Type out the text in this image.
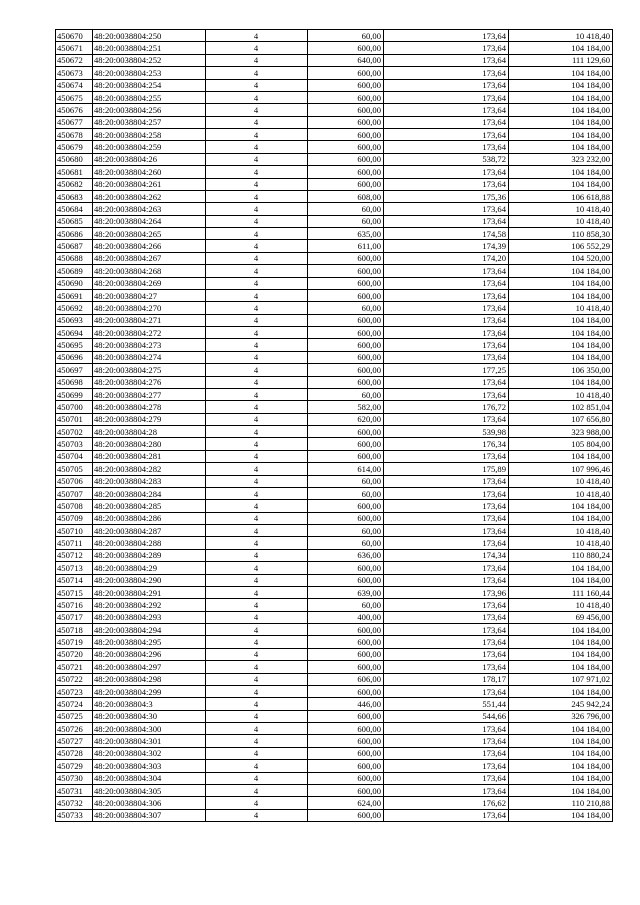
450670	48:20:0038804:250	4	60,00	173,64	10 418,40
450671	48:20:0038804:251	4	600,00	173,64	104 184,00
450672	48:20:0038804:252	4	640,00	173,64	111 129,60
450673	48:20:0038804:253	4	600,00	173,64	104 184,00
450674	48:20:0038804:254	4	600,00	173,64	104 184,00
450675	48:20:0038804:255	4	600,00	173,64	104 184,00
450676	48:20:0038804:256	4	600,00	173,64	104 184,00
450677	48:20:0038804:257	4	600,00	173,64	104 184,00
450678	48:20:0038804:258	4	600,00	173,64	104 184,00
450679	48:20:0038804:259	4	600,00	173,64	104 184,00
450680	48:20:0038804:26	4	600,00	538,72	323 232,00
450681	48:20:0038804:260	4	600,00	173,64	104 184,00
450682	48:20:0038804:261	4	600,00	173,64	104 184,00
450683	48:20:0038804:262	4	608,00	175,36	106 618,88
450684	48:20:0038804:263	4	60,00	173,64	10 418,40
450685	48:20:0038804:264	4	60,00	173,64	10 418,40
450686	48:20:0038804:265	4	635,00	174,58	110 858,30
450687	48:20:0038804:266	4	611,00	174,39	106 552,29
450688	48:20:0038804:267	4	600,00	174,20	104 520,00
450689	48:20:0038804:268	4	600,00	173,64	104 184,00
450690	48:20:0038804:269	4	600,00	173,64	104 184,00
450691	48:20:0038804:27	4	600,00	173,64	104 184,00
450692	48:20:0038804:270	4	60,00	173,64	10 418,40
450693	48:20:0038804:271	4	600,00	173,64	104 184,00
450694	48:20:0038804:272	4	600,00	173,64	104 184,00
450695	48:20:0038804:273	4	600,00	173,64	104 184,00
450696	48:20:0038804:274	4	600,00	173,64	104 184,00
450697	48:20:0038804:275	4	600,00	177,25	106 350,00
450698	48:20:0038804:276	4	600,00	173,64	104 184,00
450699	48:20:0038804:277	4	60,00	173,64	10 418,40
450700	48:20:0038804:278	4	582,00	176,72	102 851,04
450701	48:20:0038804:279	4	620,00	173,64	107 656,80
450702	48:20:0038804:28	4	600,00	539,98	323 988,00
450703	48:20:0038804:280	4	600,00	176,34	105 804,00
450704	48:20:0038804:281	4	600,00	173,64	104 184,00
450705	48:20:0038804:282	4	614,00	175,89	107 996,46
450706	48:20:0038804:283	4	60,00	173,64	10 418,40
450707	48:20:0038804:284	4	60,00	173,64	10 418,40
450708	48:20:0038804:285	4	600,00	173,64	104 184,00
450709	48:20:0038804:286	4	600,00	173,64	104 184,00
450710	48:20:0038804:287	4	60,00	173,64	10 418,40
450711	48:20:0038804:288	4	60,00	173,64	10 418,40
450712	48:20:0038804:289	4	636,00	174,34	110 880,24
450713	48:20:0038804:29	4	600,00	173,64	104 184,00
450714	48:20:0038804:290	4	600,00	173,64	104 184,00
450715	48:20:0038804:291	4	639,00	173,96	111 160,44
450716	48:20:0038804:292	4	60,00	173,64	10 418,40
450717	48:20:0038804:293	4	400,00	173,64	69 456,00
450718	48:20:0038804:294	4	600,00	173,64	104 184,00
450719	48:20:0038804:295	4	600,00	173,64	104 184,00
450720	48:20:0038804:296	4	600,00	173,64	104 184,00
450721	48:20:0038804:297	4	600,00	173,64	104 184,00
450722	48:20:0038804:298	4	606,00	178,17	107 971,02
450723	48:20:0038804:299	4	600,00	173,64	104 184,00
450724	48:20:0038804:3	4	446,00	551,44	245 942,24
450725	48:20:0038804:30	4	600,00	544,66	326 796,00
450726	48:20:0038804:300	4	600,00	173,64	104 184,00
450727	48:20:0038804:301	4	600,00	173,64	104 184,00
450728	48:20:0038804:302	4	600,00	173,64	104 184,00
450729	48:20:0038804:303	4	600,00	173,64	104 184,00
450730	48:20:0038804:304	4	600,00	173,64	104 184,00
450731	48:20:0038804:305	4	600,00	173,64	104 184,00
450732	48:20:0038804:306	4	624,00	176,62	110 210,88
450733	48:20:0038804:307	4	600,00	173,64	104 184,00
